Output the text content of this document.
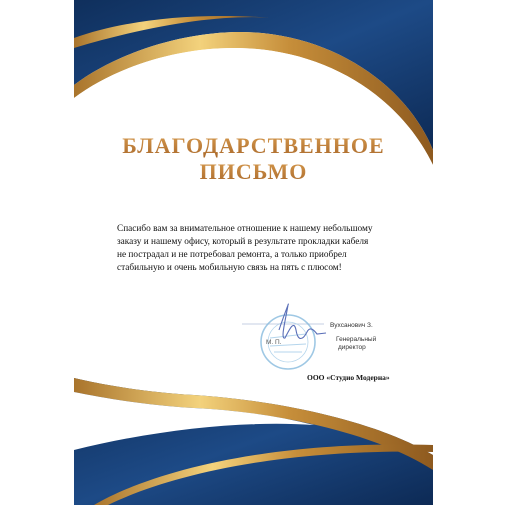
БЛАГОДАРСТВЕННОЕ
ПИСЬМО
Спасибо вам за внимательное отношение к нашему небольшому
заказу и нашему офису, который в результате прокладки кабеля
не пострадал и не потребовал ремонта, а только приобрел
стабильную и очень мобильную связь на пять с плюсом!
М. П.
Вухсанович З.
Генеральный
директор
ООО «Студио Модерна»
